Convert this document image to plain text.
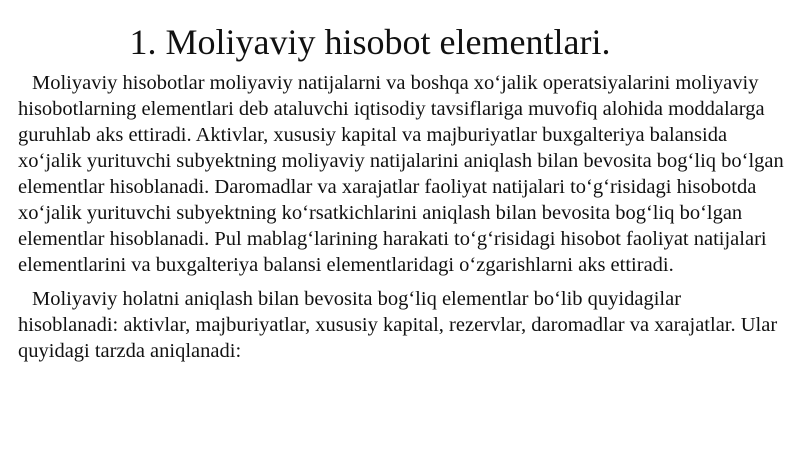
1. Moliyaviy hisobot elementlari.

Moliyaviy hisobotlar moliyaviy natijalarni va boshqa xo‘jalik operatsiyalarini moliyaviy hisobotlarning elementlari deb ataluvchi iqtisodiy tavsiflariga muvofiq alohida moddalarga guruhlab aks ettiradi. Aktivlar, xususiy kapital va majburiyatlar buxgalteriya balansida xo‘jalik yurituvchi subyektning moliyaviy natijalarini aniqlash bilan bevosita bog‘liq bo‘lgan elementlar hisoblanadi. Daromadlar va xarajatlar faoliyat natijalari to‘g‘risidagi hisobotda xo‘jalik yurituvchi subyektning ko‘rsatkichlarini aniqlash bilan bevosita bog‘liq bo‘lgan elementlar hisoblanadi. Pul mablag‘larining harakati to‘g‘risidagi hisobot faoliyat natijalari elementlarini va buxgalteriya balansi elementlaridagi o‘zgarishlarni aks ettiradi.

Moliyaviy holatni aniqlash bilan bevosita bog‘liq elementlar bo‘lib quyidagilar hisoblanadi: aktivlar, majburiyatlar, xususiy kapital, rezervlar, daromadlar va xarajatlar. Ular quyidagi tarzda aniqlanadi:
